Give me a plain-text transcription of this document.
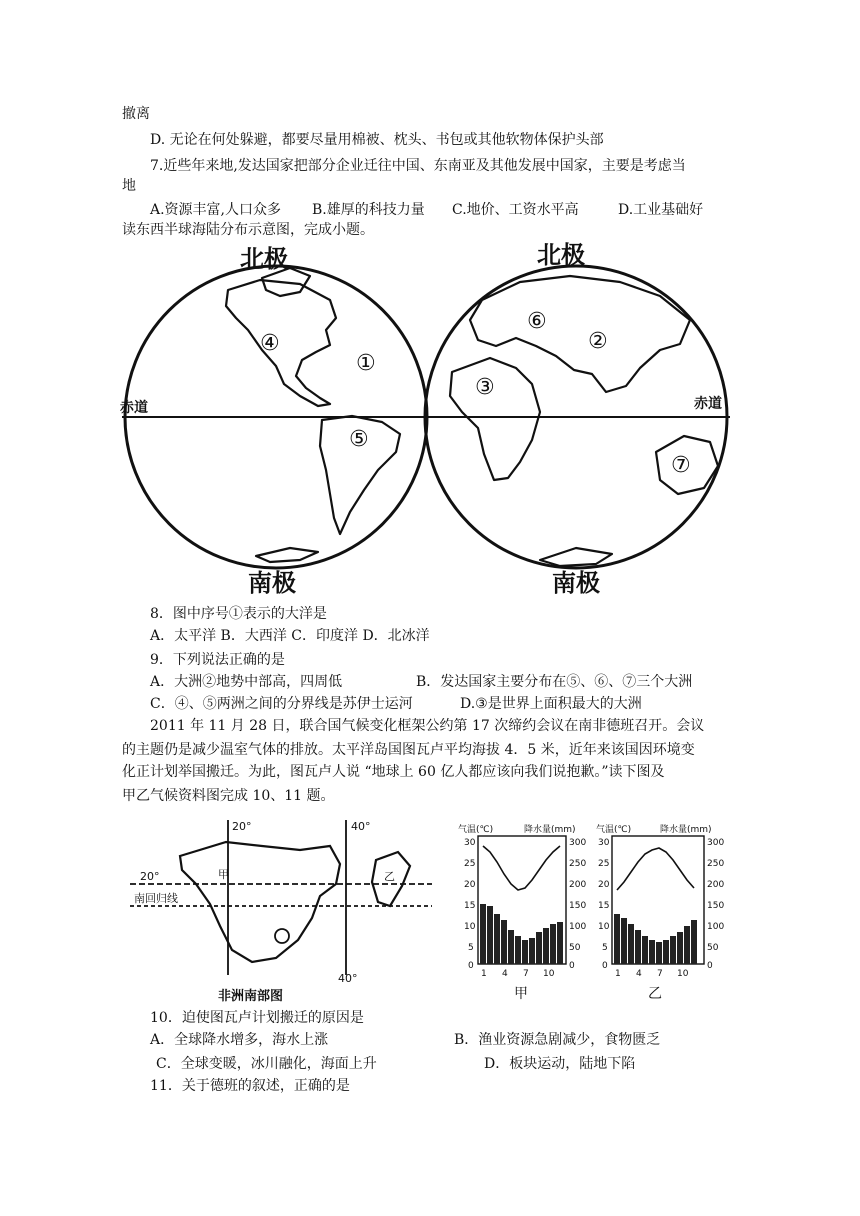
撤离
D. 无论在何处躲避，都要尽量用棉被、枕头、书包或其他软物体保护头部
7.近些年来地,发达国家把部分企业迁往中国、东南亚及其他发展中国家，主要是考虑当
地
A.资源丰富,人口众多 B.雄厚的科技力量 C.地价、工资水平高	D.工业基础好
读东西半球海陆分布示意图，完成小题。
北极	北极
南极	南极
赤道	赤道
④
①
⑤
⑥
②
③
⑦
8．图中序号①表示的大洋是
A．太平洋 B．大西洋 C．印度洋 D．北冰洋
9．下列说法正确的是
A．大洲②地势中部高，四周低	B．发达国家主要分布在⑤、⑥、⑦三个大洲
C．④、⑤两洲之间的分界线是苏伊士运河	D.③是世界上面积最大的大洲
2011 年 11 月 28 日，联合国气候变化框架公约第 17 次缔约会议在南非德班召开。会议
的主题仍是减少温室气体的排放。太平洋岛国图瓦卢平均海拔 4．5 米，近年来该国因环境变
化正计划举国搬迁。为此，图瓦卢人说 “地球上 60 亿人都应该向我们说抱歉。”读下图及
甲乙气候资料图完成 10、11 题。
20°	40°
20°
南回归线
40°
甲	乙
非洲南部图
气温(℃)	降水量(mm) 气温(℃)	降水量(mm)
30
25
20
15
10
5
0
300
250
200
150
100
50
0
1 4 7 10
30
25
20
15
10
5
0
300
250
200
150
100
50
0
1 4 7 10
甲	乙
10．迫使图瓦卢计划搬迁的原因是
A．全球降水增多，海水上涨	B．渔业资源急剧减少，食物匮乏
C．全球变暖，冰川融化，海面上升	D．板块运动，陆地下陷
11．关于德班的叙述，正确的是
